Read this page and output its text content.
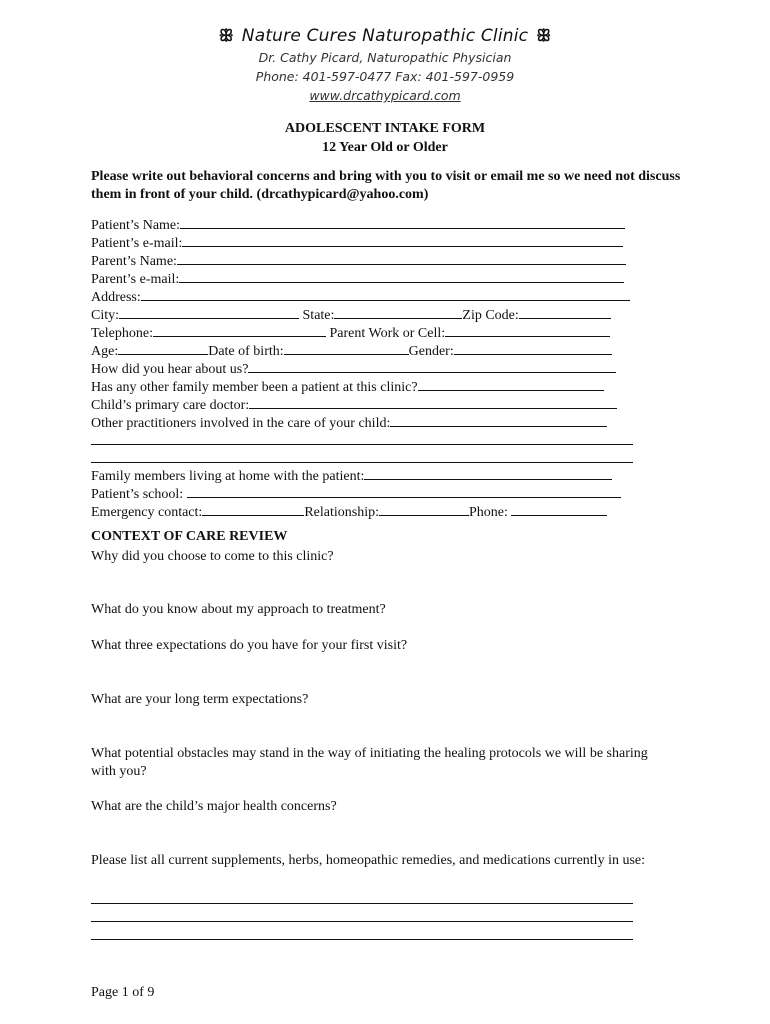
ꕥ Nature Cures Naturopathic Clinic ꕥ
Dr. Cathy Picard, Naturopathic Physician
Phone: 401-597-0477 Fax: 401-597-0959
www.drcathypicard.com
ADOLESCENT INTAKE FORM
12 Year Old or Older
Please write out behavioral concerns and bring with you to visit or email me so we need not discuss them in front of your child. (drcathypicard@yahoo.com)
Patient’s Name:
Patient’s e-mail:
Parent’s Name:
Parent’s e-mail:
Address:
City:	State:	Zip Code:
Telephone:	Parent Work or Cell:
Age:	Date of birth:	Gender:
How did you hear about us?
Has any other family member been a patient at this clinic?
Child’s primary care doctor:
Other practitioners involved in the care of your child:
Family members living at home with the patient:
Patient’s school:
Emergency contact:	Relationship:	Phone:
CONTEXT OF CARE REVIEW
Why did you choose to come to this clinic?
What do you know about my approach to treatment?
What three expectations do you have for your first visit?
What are your long term expectations?
What potential obstacles may stand in the way of initiating the healing protocols we will be sharing with you?
What are the child’s major health concerns?
Please list all current supplements, herbs, homeopathic remedies, and medications currently in use:
Page 1 of 9
